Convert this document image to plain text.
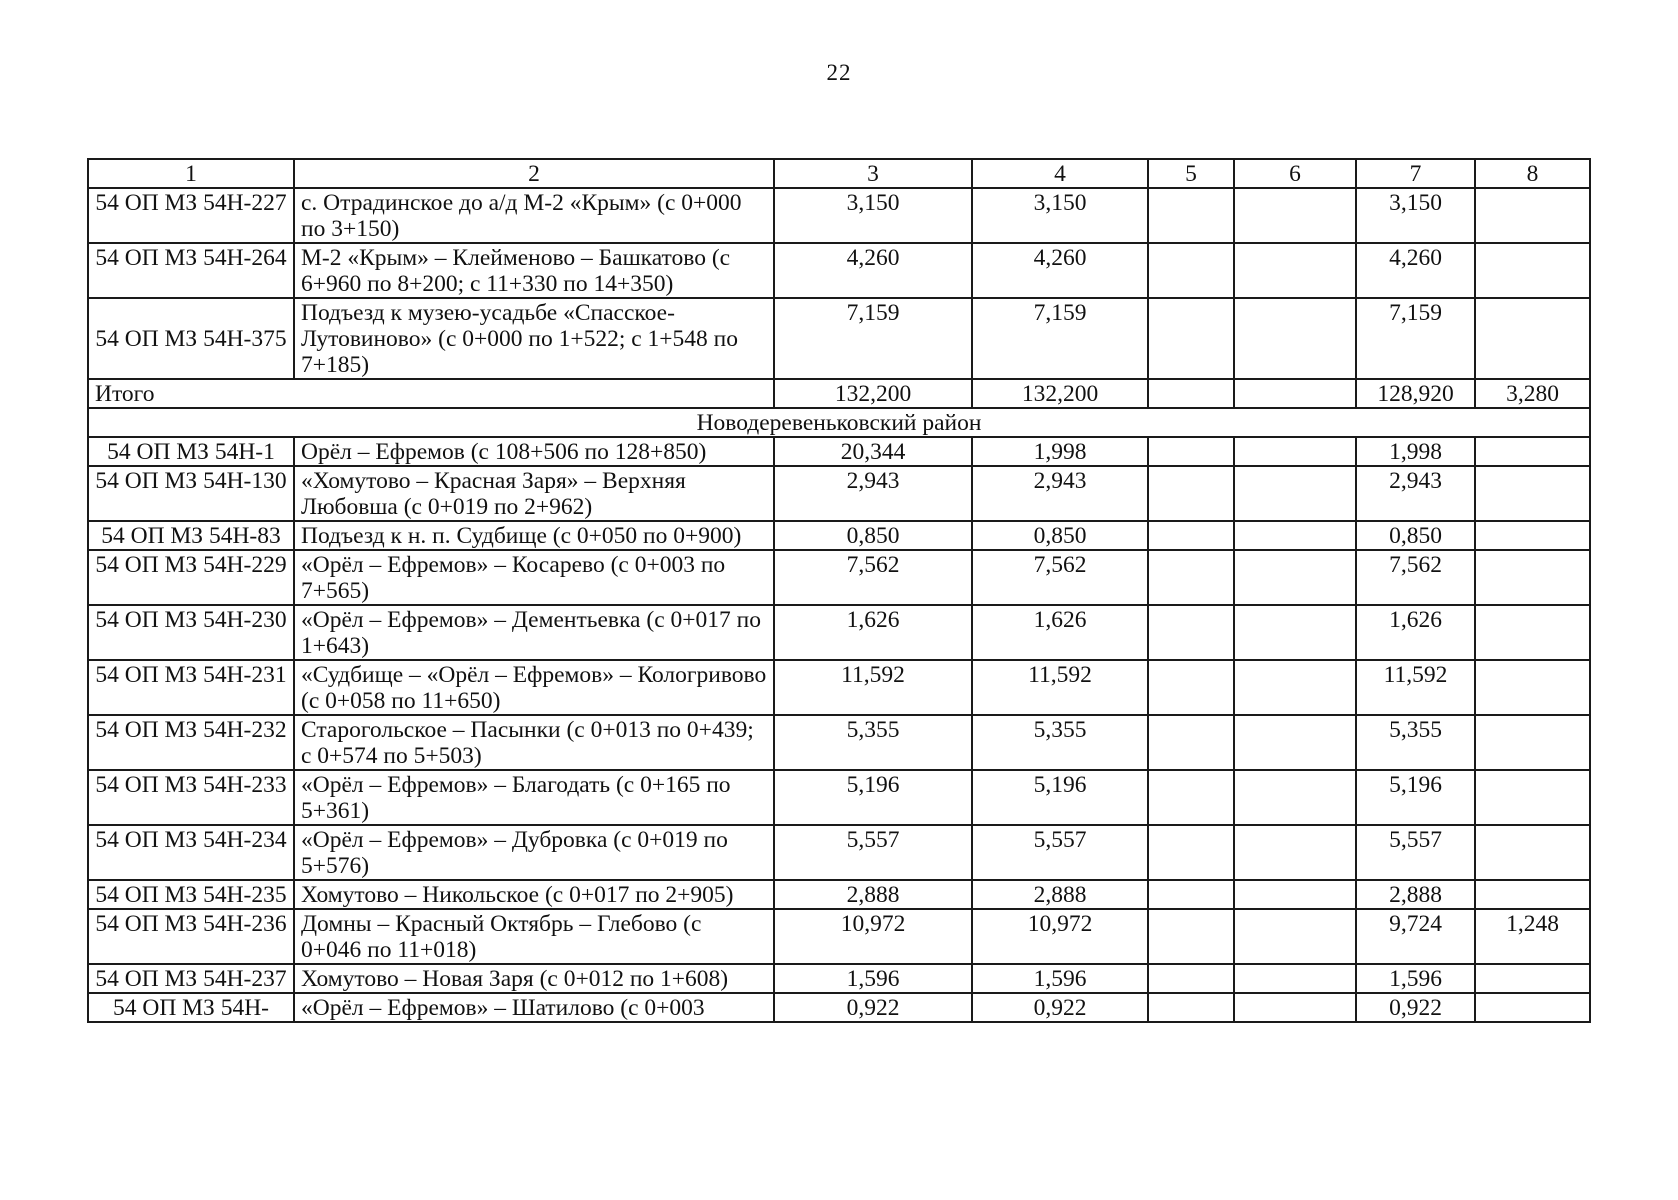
22
1	2	3	4	5	6	7	8
54 ОП МЗ 54Н-227	с. Отрадинское до а/д М-2 «Крым» (с 0+000 по 3+150)	3,150	3,150			3,150	
54 ОП МЗ 54Н-264	М-2 «Крым» – Клейменово – Башкатово (с 6+960 по 8+200; с 11+330 по 14+350)	4,260	4,260			4,260	
54 ОП МЗ 54Н-375	Подъезд к музею-усадьбе «Спасское-Лутовиново» (с 0+000 по 1+522; с 1+548 по 7+185)	7,159	7,159			7,159	
Итого		132,200	132,200			128,920	3,280
Новодеревеньковский район							
54 ОП МЗ 54Н-1	Орёл – Ефремов (с 108+506 по 128+850)	20,344	1,998			1,998	
54 ОП МЗ 54Н-130	«Хомутово – Красная Заря» – Верхняя Любовша (с 0+019 по 2+962)	2,943	2,943			2,943	
54 ОП МЗ 54Н-83	Подъезд к н. п. Судбище (с 0+050 по 0+900)	0,850	0,850			0,850	
54 ОП МЗ 54Н-229	«Орёл – Ефремов» – Косарево (с 0+003 по 7+565)	7,562	7,562			7,562	
54 ОП МЗ 54Н-230	«Орёл – Ефремов» – Дементьевка (с 0+017 по 1+643)	1,626	1,626			1,626	
54 ОП МЗ 54Н-231	«Судбище – «Орёл – Ефремов» – Кологривово (с 0+058 по 11+650)	11,592	11,592			11,592	
54 ОП МЗ 54Н-232	Старогольское – Пасынки (с 0+013 по 0+439; с 0+574 по 5+503)	5,355	5,355			5,355	
54 ОП МЗ 54Н-233	«Орёл – Ефремов» – Благодать (с 0+165 по 5+361)	5,196	5,196			5,196	
54 ОП МЗ 54Н-234	«Орёл – Ефремов» – Дубровка (с 0+019 по 5+576)	5,557	5,557			5,557	
54 ОП МЗ 54Н-235	Хомутово – Никольское (с 0+017 по 2+905)	2,888	2,888			2,888	
54 ОП МЗ 54Н-236	Домны – Красный Октябрь – Глебово (с 0+046 по 11+018)	10,972	10,972			9,724	1,248
54 ОП МЗ 54Н-237	Хомутово – Новая Заря (с 0+012 по 1+608)	1,596	1,596			1,596	
54 ОП МЗ 54Н-	«Орёл – Ефремов» – Шатилово (с 0+003	0,922	0,922			0,922	
